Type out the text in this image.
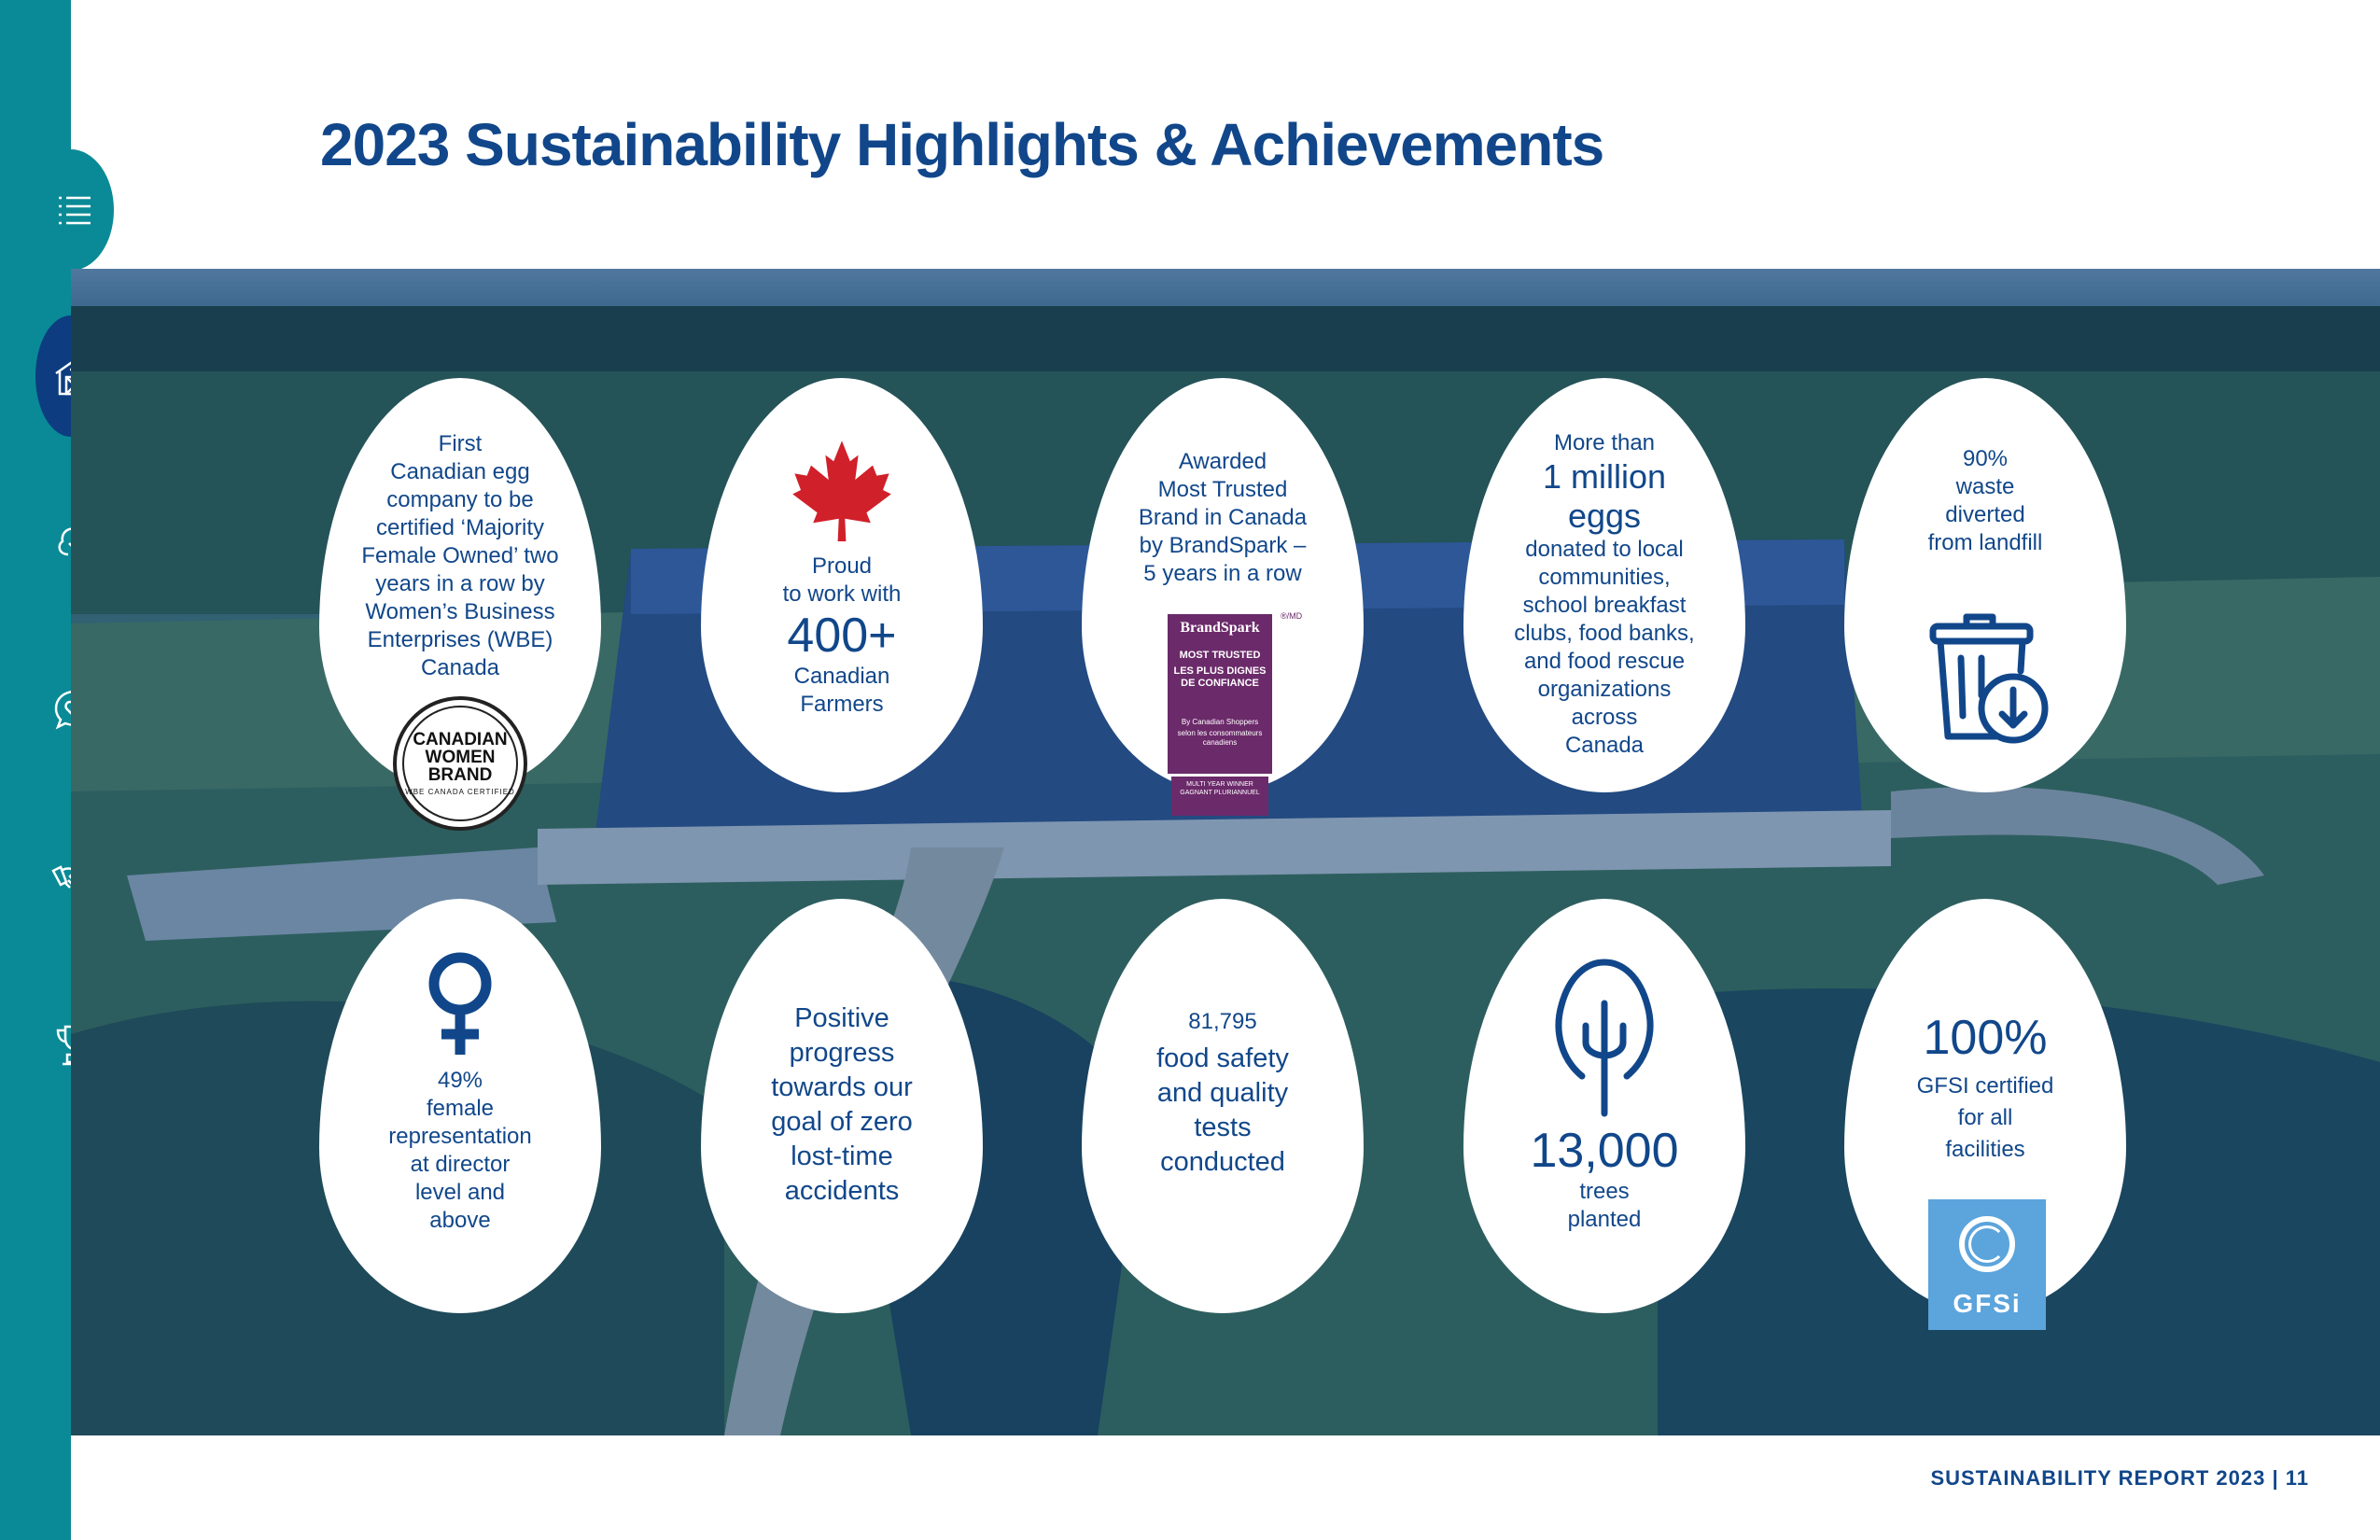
2023 Sustainability Highlights & Achievements
First
Canadian egg
company to be
certified ‘Majority
Female Owned’ two
years in a row by
Women’s Business
Enterprises (WBE)
Canada
CANADIAN
WOMEN
BRAND
WBE CANADA CERTIFIED
Proud
to work with
400+
Canadian
Farmers
Awarded
Most Trusted
Brand in Canada
by BrandSpark –
5 years in a row
BrandSpark
MOST TRUSTED
LES PLUS DIGNES DE CONFIANCE
By Canadian Shoppers
selon les consommateurs canadiens
MULTI YEAR WINNER
GAGNANT PLURIANNUEL
®/MD
More than
1 million
eggs
donated to local
communities,
school breakfast
clubs, food banks,
and food rescue
organizations
across
Canada
90%
waste
diverted
from landfill
49%
female
representation
at director
level and
above
Positive
progress
towards our
goal of zero
lost-time
accidents
81,795
food safety
and quality
tests
conducted	13,000
trees
planted
100%
GFSI certified
for all
facilities
GFSi
SUSTAINABILITY REPORT 2023 | 11
